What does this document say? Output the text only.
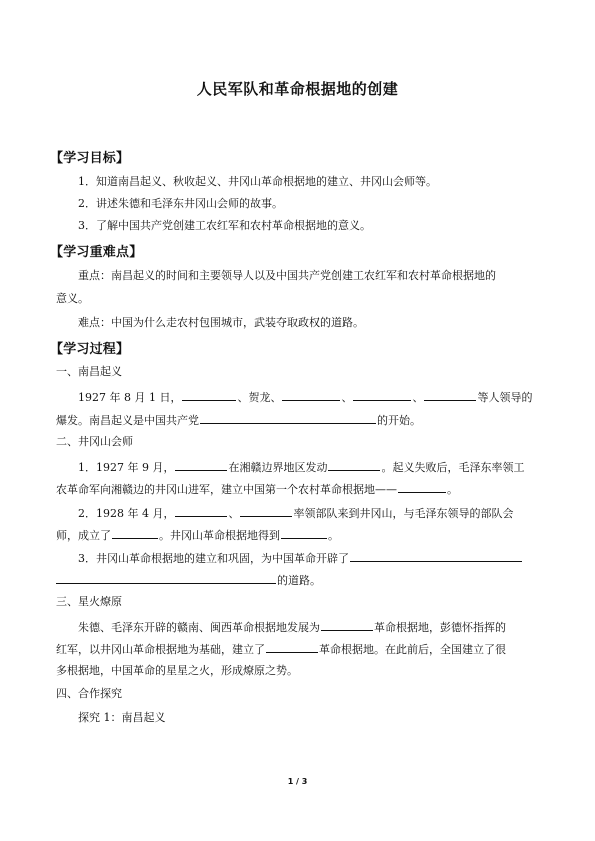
人民军队和革命根据地的创建
【学习目标】
1．知道南昌起义、秋收起义、井冈山革命根据地的建立、井冈山会师等。
2．讲述朱德和毛泽东井冈山会师的故事。
3．了解中国共产党创建工农红军和农村革命根据地的意义。
【学习重难点】
重点：南昌起义的时间和主要领导人以及中国共产党创建工农红军和农村革命根据地的
意义。
难点：中国为什么走农村包围城市，武装夺取政权的道路。
【学习过程】
一、南昌起义
1927 年 8 月 1 日，	、贺龙、	、	、	等人领导的
爆发。南昌起义是中国共产党	的开始。
二、井冈山会师
1．1927 年 9 月，	在湘赣边界地区发动	。起义失败后，毛泽东率领工
农革命军向湘赣边的井冈山进军，建立中国第一个农村革命根据地——	。
2．1928 年 4 月，	、	率领部队来到井冈山，与毛泽东领导的部队会
师，成立了	。井冈山革命根据地得到	。
3．井冈山革命根据地的建立和巩固，为中国革命开辟了
的道路。
三、星火燎原
朱德、毛泽东开辟的赣南、闽西革命根据地发展为	革命根据地，彭德怀指挥的
红军，以井冈山革命根据地为基础，建立了	革命根据地。在此前后，全国建立了很
多根据地，中国革命的星星之火，形成燎原之势。
四、合作探究
探究 1：南昌起义
1 / 3
